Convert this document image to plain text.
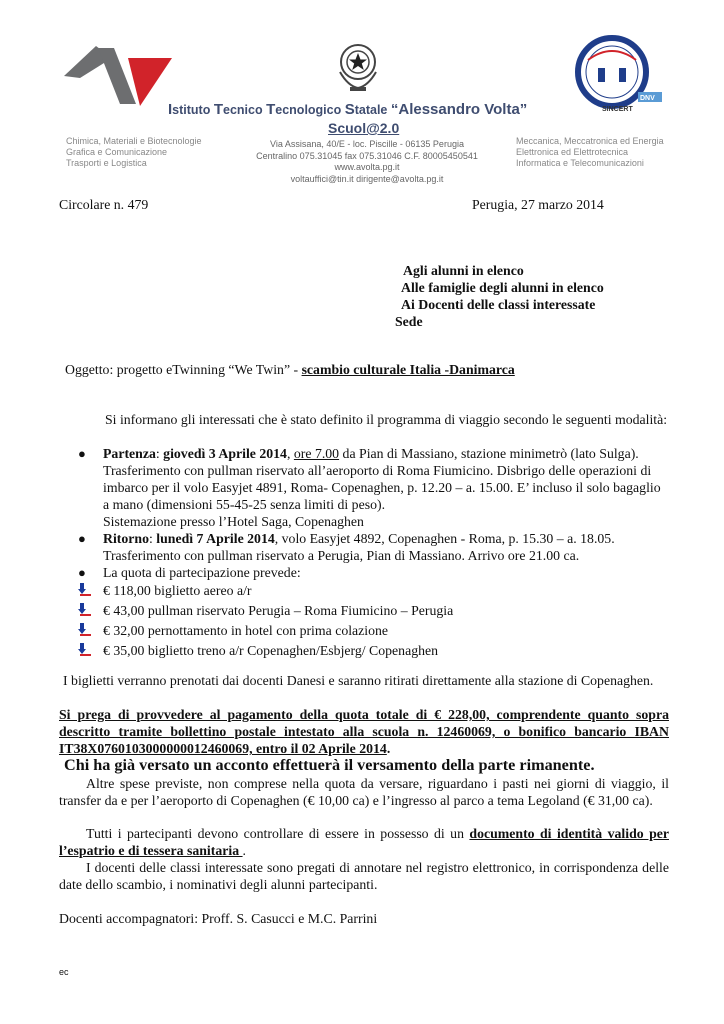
Istituto Tecnico Tecnologico Statale “Alessandro Volta”
Scuol@2.0
Chimica, Materiali e Biotecnologie
Grafica e Comunicazione
Trasporti e Logistica
Via Assisana, 40/E - loc. Piscille - 06135 Perugia
Centralino 075.31045 fax 075.31046 C.F. 80005450541
www.avolta.pg.it
voltauffici@tin.it dirigente@avolta.pg.it
Meccanica, Meccatronica ed Energia
Elettronica ed Elettrotecnica
Informatica e Telecomunicazioni
DNV
SINCERT
Circolare n. 479	Perugia, 27 marzo 2014
Agli alunni in elenco
Alle famiglie degli alunni in elenco
Ai Docenti delle classi interessate
Sede
Oggetto: progetto eTwinning “We Twin” - scambio culturale Italia -Danimarca
Si informano gli interessati che è stato definito il programma di viaggio secondo le seguenti modalità:
● Partenza: giovedì 3 Aprile 2014, ore 7.00 da Pian di Massiano, stazione minimetrò (lato Sulga). Trasferimento con pullman riservato all’aeroporto di Roma Fiumicino. Disbrigo delle operazioni di imbarco per il volo Easyjet 4891, Roma- Copenaghen, p. 12.20 – a. 15.00. E’ incluso il solo bagaglio a mano (dimensioni 55-45-25 senza limiti di peso).
Sistemazione presso l’Hotel Saga, Copenaghen
● Ritorno: lunedì 7 Aprile 2014, volo Easyjet 4892, Copenaghen - Roma, p. 15.30 – a. 18.05. Trasferimento con pullman riservato a Perugia, Pian di Massiano. Arrivo ore 21.00 ca.
● La quota di partecipazione prevede:
€ 118,00 biglietto aereo a/r
€ 43,00 pullman riservato Perugia – Roma Fiumicino – Perugia
€ 32,00 pernottamento in hotel con prima colazione
€ 35,00 biglietto treno a/r Copenaghen/Esbjerg/ Copenaghen
I biglietti verranno prenotati dai docenti Danesi e saranno ritirati direttamente alla stazione di Copenaghen.
Si prega di provvedere al pagamento della quota totale di € 228,00, comprendente quanto sopra descritto tramite bollettino postale intestato alla scuola n. 12460069, o bonifico bancario IBAN IT38X0760103000000012460069, entro il 02 Aprile 2014.
Chi ha già versato un acconto effettuerà il versamento della parte rimanente.
Altre spese previste, non comprese nella quota da versare, riguardano i pasti nei giorni di viaggio, il transfer da e per l’aeroporto di Copenaghen (€ 10,00 ca) e l’ingresso al parco a tema Legoland (€ 31,00 ca).
Tutti i partecipanti devono controllare di essere in possesso di un documento di identità valido per l’espatrio e di tessera sanitaria .
I docenti delle classi interessate sono pregati di annotare nel registro elettronico, in corrispondenza delle date dello scambio, i nominativi degli alunni partecipanti.
Docenti accompagnatori: Proff. S. Casucci e M.C. Parrini
ec
